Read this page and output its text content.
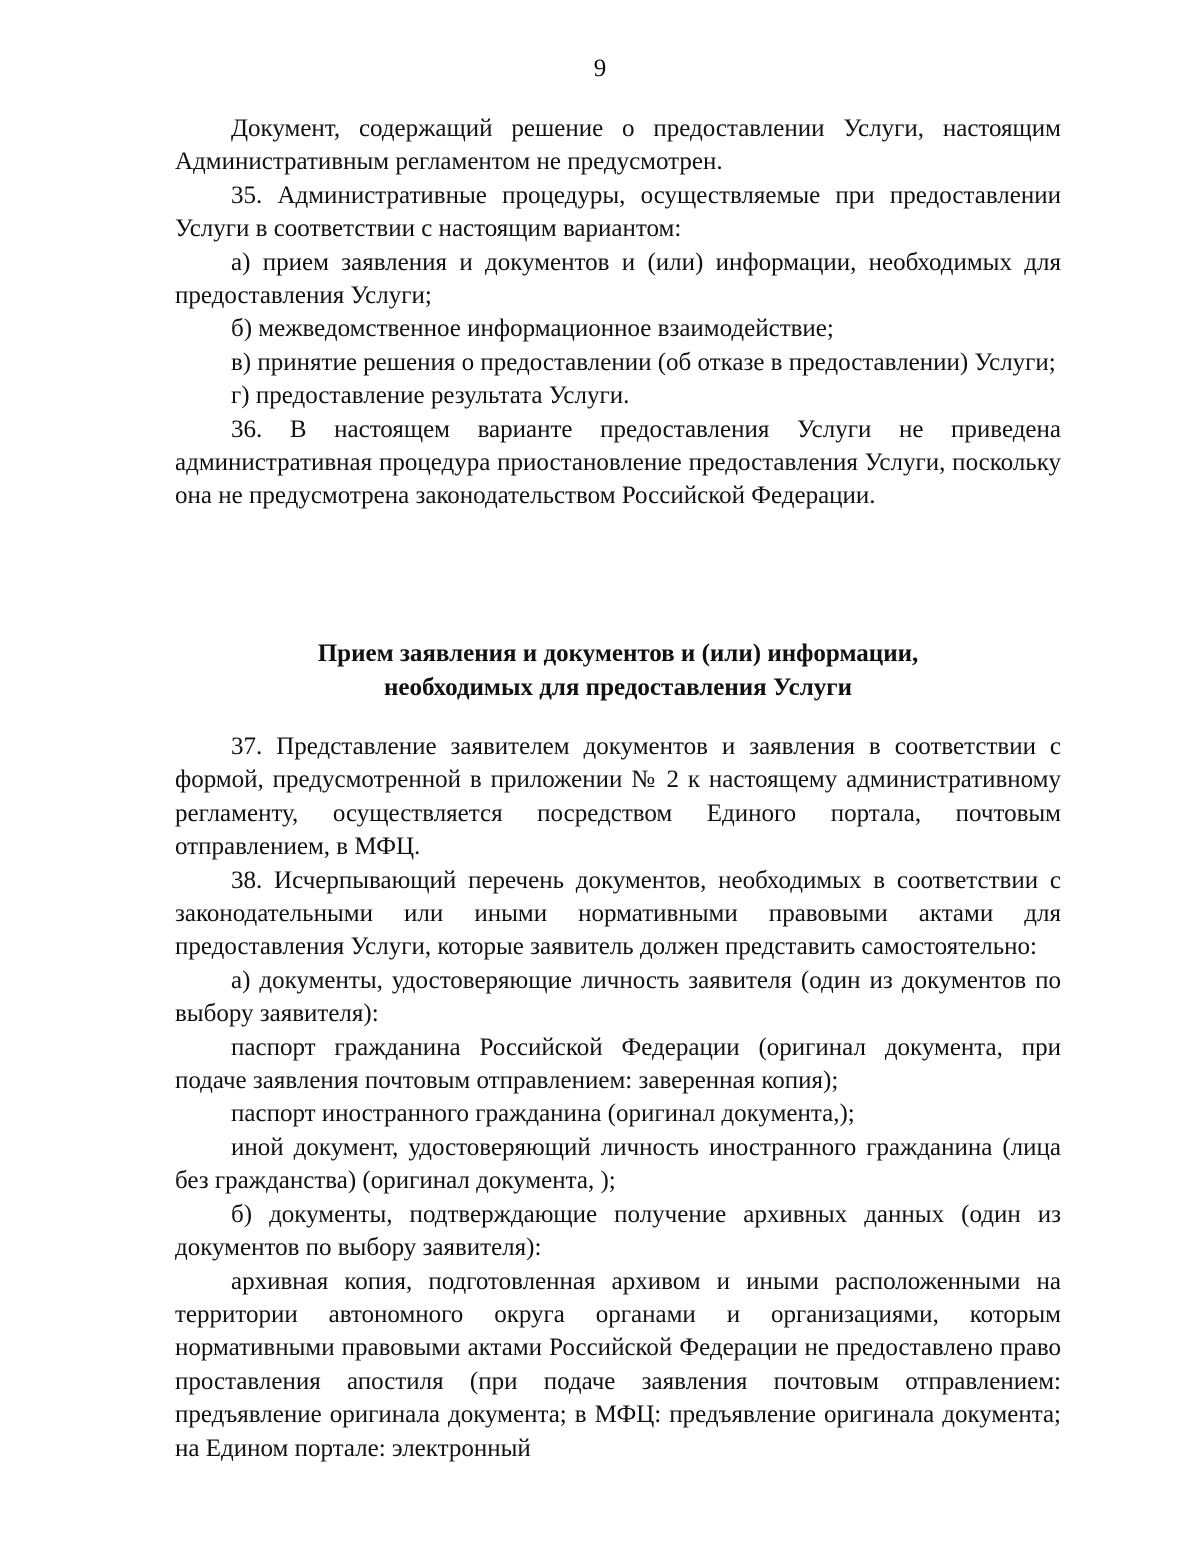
9

Документ, содержащий решение о предоставлении Услуги, настоящим Административным регламентом не предусмотрен.

35. Административные процедуры, осуществляемые при предоставлении Услуги в соответствии с настоящим вариантом:

а) прием заявления и документов и (или) информации, необходимых для предоставления Услуги;

б) межведомственное информационное взаимодействие;

в) принятие решения о предоставлении (об отказе в предоставлении) Услуги;

г) предоставление результата Услуги.

36. В настоящем варианте предоставления Услуги не приведена административная процедура приостановление предоставления Услуги, поскольку она не предусмотрена законодательством Российской Федерации.

Прием заявления и документов и (или) информации,
необходимых для предоставления Услуги

37. Представление заявителем документов и заявления в соответствии с формой, предусмотренной в приложении № 2 к настоящему административному регламенту, осуществляется посредством Единого портала, почтовым отправлением, в МФЦ.

38. Исчерпывающий перечень документов, необходимых в соответствии с законодательными или иными нормативными правовыми актами для предоставления Услуги, которые заявитель должен представить самостоятельно:

а) документы, удостоверяющие личность заявителя (один из документов по выбору заявителя):

паспорт гражданина Российской Федерации (оригинал документа, при подаче заявления почтовым отправлением: заверенная копия);

паспорт иностранного гражданина (оригинал документа,);

иной документ, удостоверяющий личность иностранного гражданина (лица без гражданства) (оригинал документа, );

б) документы, подтверждающие получение архивных данных (один из документов по выбору заявителя):

архивная копия, подготовленная архивом и иными расположенными на территории автономного округа органами и организациями, которым нормативными правовыми актами Российской Федерации не предоставлено право проставления апостиля (при подаче заявления почтовым отправлением: предъявление оригинала документа; в МФЦ: предъявление оригинала документа; на Едином портале: электронный
